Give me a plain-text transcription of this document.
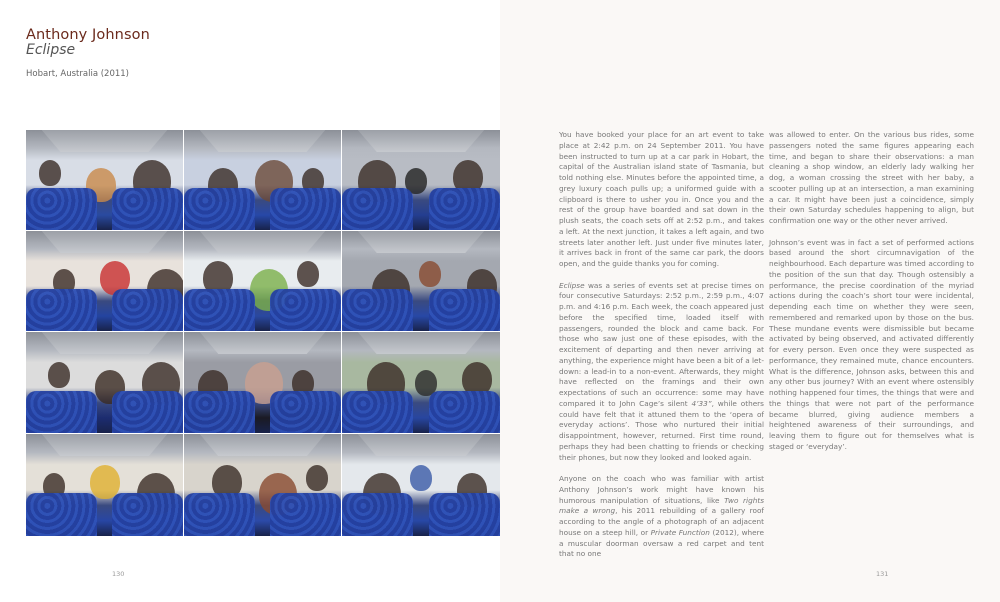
Anthony Johnson
Eclipse
Hobart, Australia (2011)
130

You have booked your place for an art event to take place at 2:42 p.m. on 24 September 2011. You have been instructed to turn up at a car park in Hobart, the capital of the Australian island state of Tasmania, but told nothing else. Minutes before the appointed time, a grey luxury coach pulls up; a uniformed guide with a clipboard is there to usher you in. Once you and the rest of the group have boarded and sat down in the plush seats, the coach sets off at 2:52 p.m., and takes a left. At the next junction, it takes a left again, and two streets later another left. Just under five minutes later, it arrives back in front of the same car park, the doors open, and the guide thanks you for coming.

Eclipse was a series of events set at precise times on four consecutive Saturdays: 2:52 p.m., 2:59 p.m., 4:07 p.m. and 4:16 p.m. Each week, the coach appeared just before the specified time, loaded itself with passengers, rounded the block and came back. For those who saw just one of these episodes, with the excitement of departing and then never arriving at anything, the experience might have been a bit of a let-down: a lead-in to a non-event. Afterwards, they might have reflected on the framings and their own expectations of such an occurrence: some may have compared it to John Cage’s silent 4’33”, while others could have felt that it attuned them to the ‘opera of everyday actions’. Those who nurtured their initial disappointment, however, returned. First time round, perhaps they had been chatting to friends or checking their phones, but now they looked and looked again.

Anyone on the coach who was familiar with artist Anthony Johnson’s work might have known his humorous manipulation of situations, like Two rights make a wrong, his 2011 rebuilding of a gallery roof according to the angle of a photograph of an adjacent house on a steep hill, or Private Function (2012), where a muscular doorman oversaw a red carpet and tent that no one

was allowed to enter. On the various bus rides, some passengers noted the same figures appearing each time, and began to share their observations: a man cleaning a shop window, an elderly lady walking her dog, a woman crossing the street with her baby, a scooter pulling up at an intersection, a man examining a car. It might have been just a coincidence, simply their own Saturday schedules happening to align, but confirmation one way or the other never arrived.

Johnson’s event was in fact a set of performed actions based around the short circumnavigation of the neighbourhood. Each departure was timed according to the position of the sun that day. Though ostensibly a performance, the precise coordination of the myriad actions during the coach’s short tour were incidental, depending each time on whether they were seen, remembered and remarked upon by those on the bus. These mundane events were dismissible but became activated by being observed, and activated differently for every person. Even once they were suspected as performance, they remained mute, chance encounters. What is the difference, Johnson asks, between this and any other bus journey? With an event where ostensibly nothing happened four times, the things that were and the things that were not part of the performance became blurred, giving audience members a heightened awareness of their surroundings, and leaving them to figure out for themselves what is staged or ‘everyday’.

131
